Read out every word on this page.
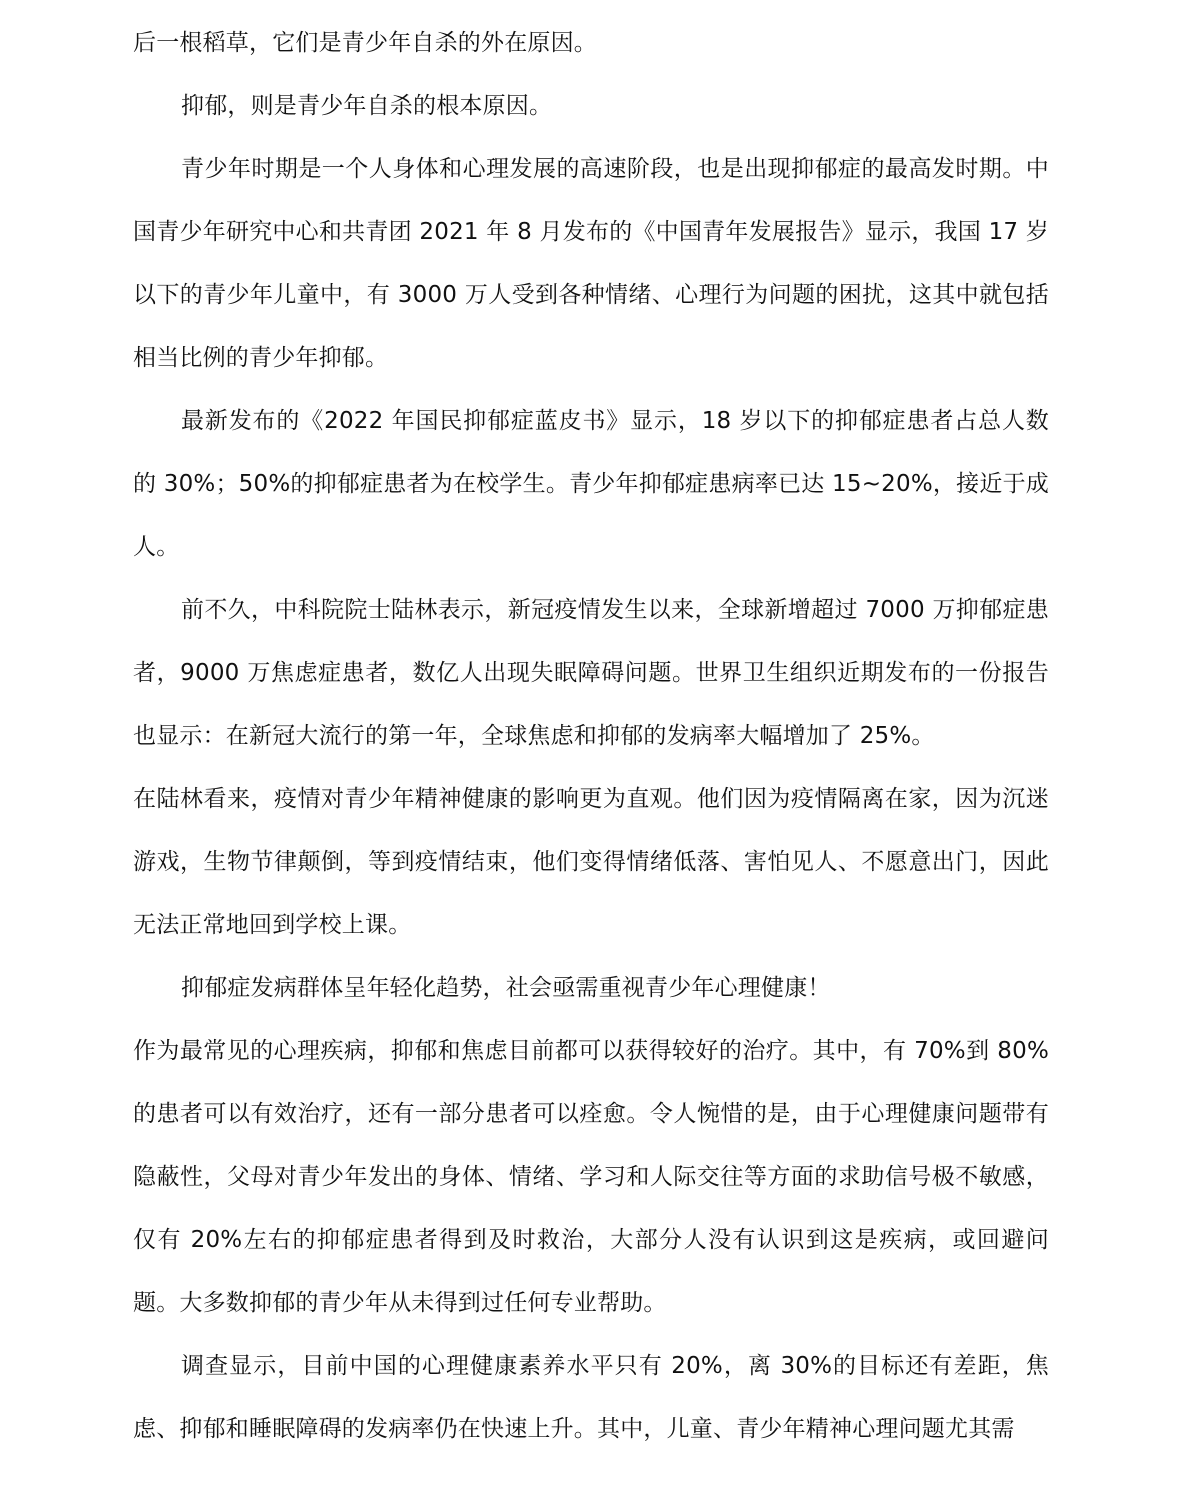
后一根稻草，它们是青少年自杀的外在原因。

抑郁，则是青少年自杀的根本原因。

青少年时期是一个人身体和心理发展的高速阶段，也是出现抑郁症的最高发时期。中国青少年研究中心和共青团 2021 年 8 月发布的《中国青年发展报告》显示，我国 17 岁以下的青少年儿童中，有 3000 万人受到各种情绪、心理行为问题的困扰，这其中就包括相当比例的青少年抑郁。

最新发布的《2022 年国民抑郁症蓝皮书》显示，18 岁以下的抑郁症患者占总人数的 30%；50%的抑郁症患者为在校学生。青少年抑郁症患病率已达 15~20%，接近于成人。

前不久，中科院院士陆林表示，新冠疫情发生以来，全球新增超过 7000 万抑郁症患者，9000 万焦虑症患者，数亿人出现失眠障碍问题。世界卫生组织近期发布的一份报告也显示：在新冠大流行的第一年，全球焦虑和抑郁的发病率大幅增加了 25%。

在陆林看来，疫情对青少年精神健康的影响更为直观。他们因为疫情隔离在家，因为沉迷游戏，生物节律颠倒，等到疫情结束，他们变得情绪低落、害怕见人、不愿意出门，因此无法正常地回到学校上课。

抑郁症发病群体呈年轻化趋势，社会亟需重视青少年心理健康！

作为最常见的心理疾病，抑郁和焦虑目前都可以获得较好的治疗。其中，有 70%到 80%的患者可以有效治疗，还有一部分患者可以痊愈。令人惋惜的是，由于心理健康问题带有隐蔽性，父母对青少年发出的身体、情绪、学习和人际交往等方面的求助信号极不敏感，仅有 20%左右的抑郁症患者得到及时救治，大部分人没有认识到这是疾病，或回避问题。大多数抑郁的青少年从未得到过任何专业帮助。

调查显示，目前中国的心理健康素养水平只有 20%，离 30%的目标还有差距，焦虑、抑郁和睡眠障碍的发病率仍在快速上升。其中，儿童、青少年精神心理问题尤其需
